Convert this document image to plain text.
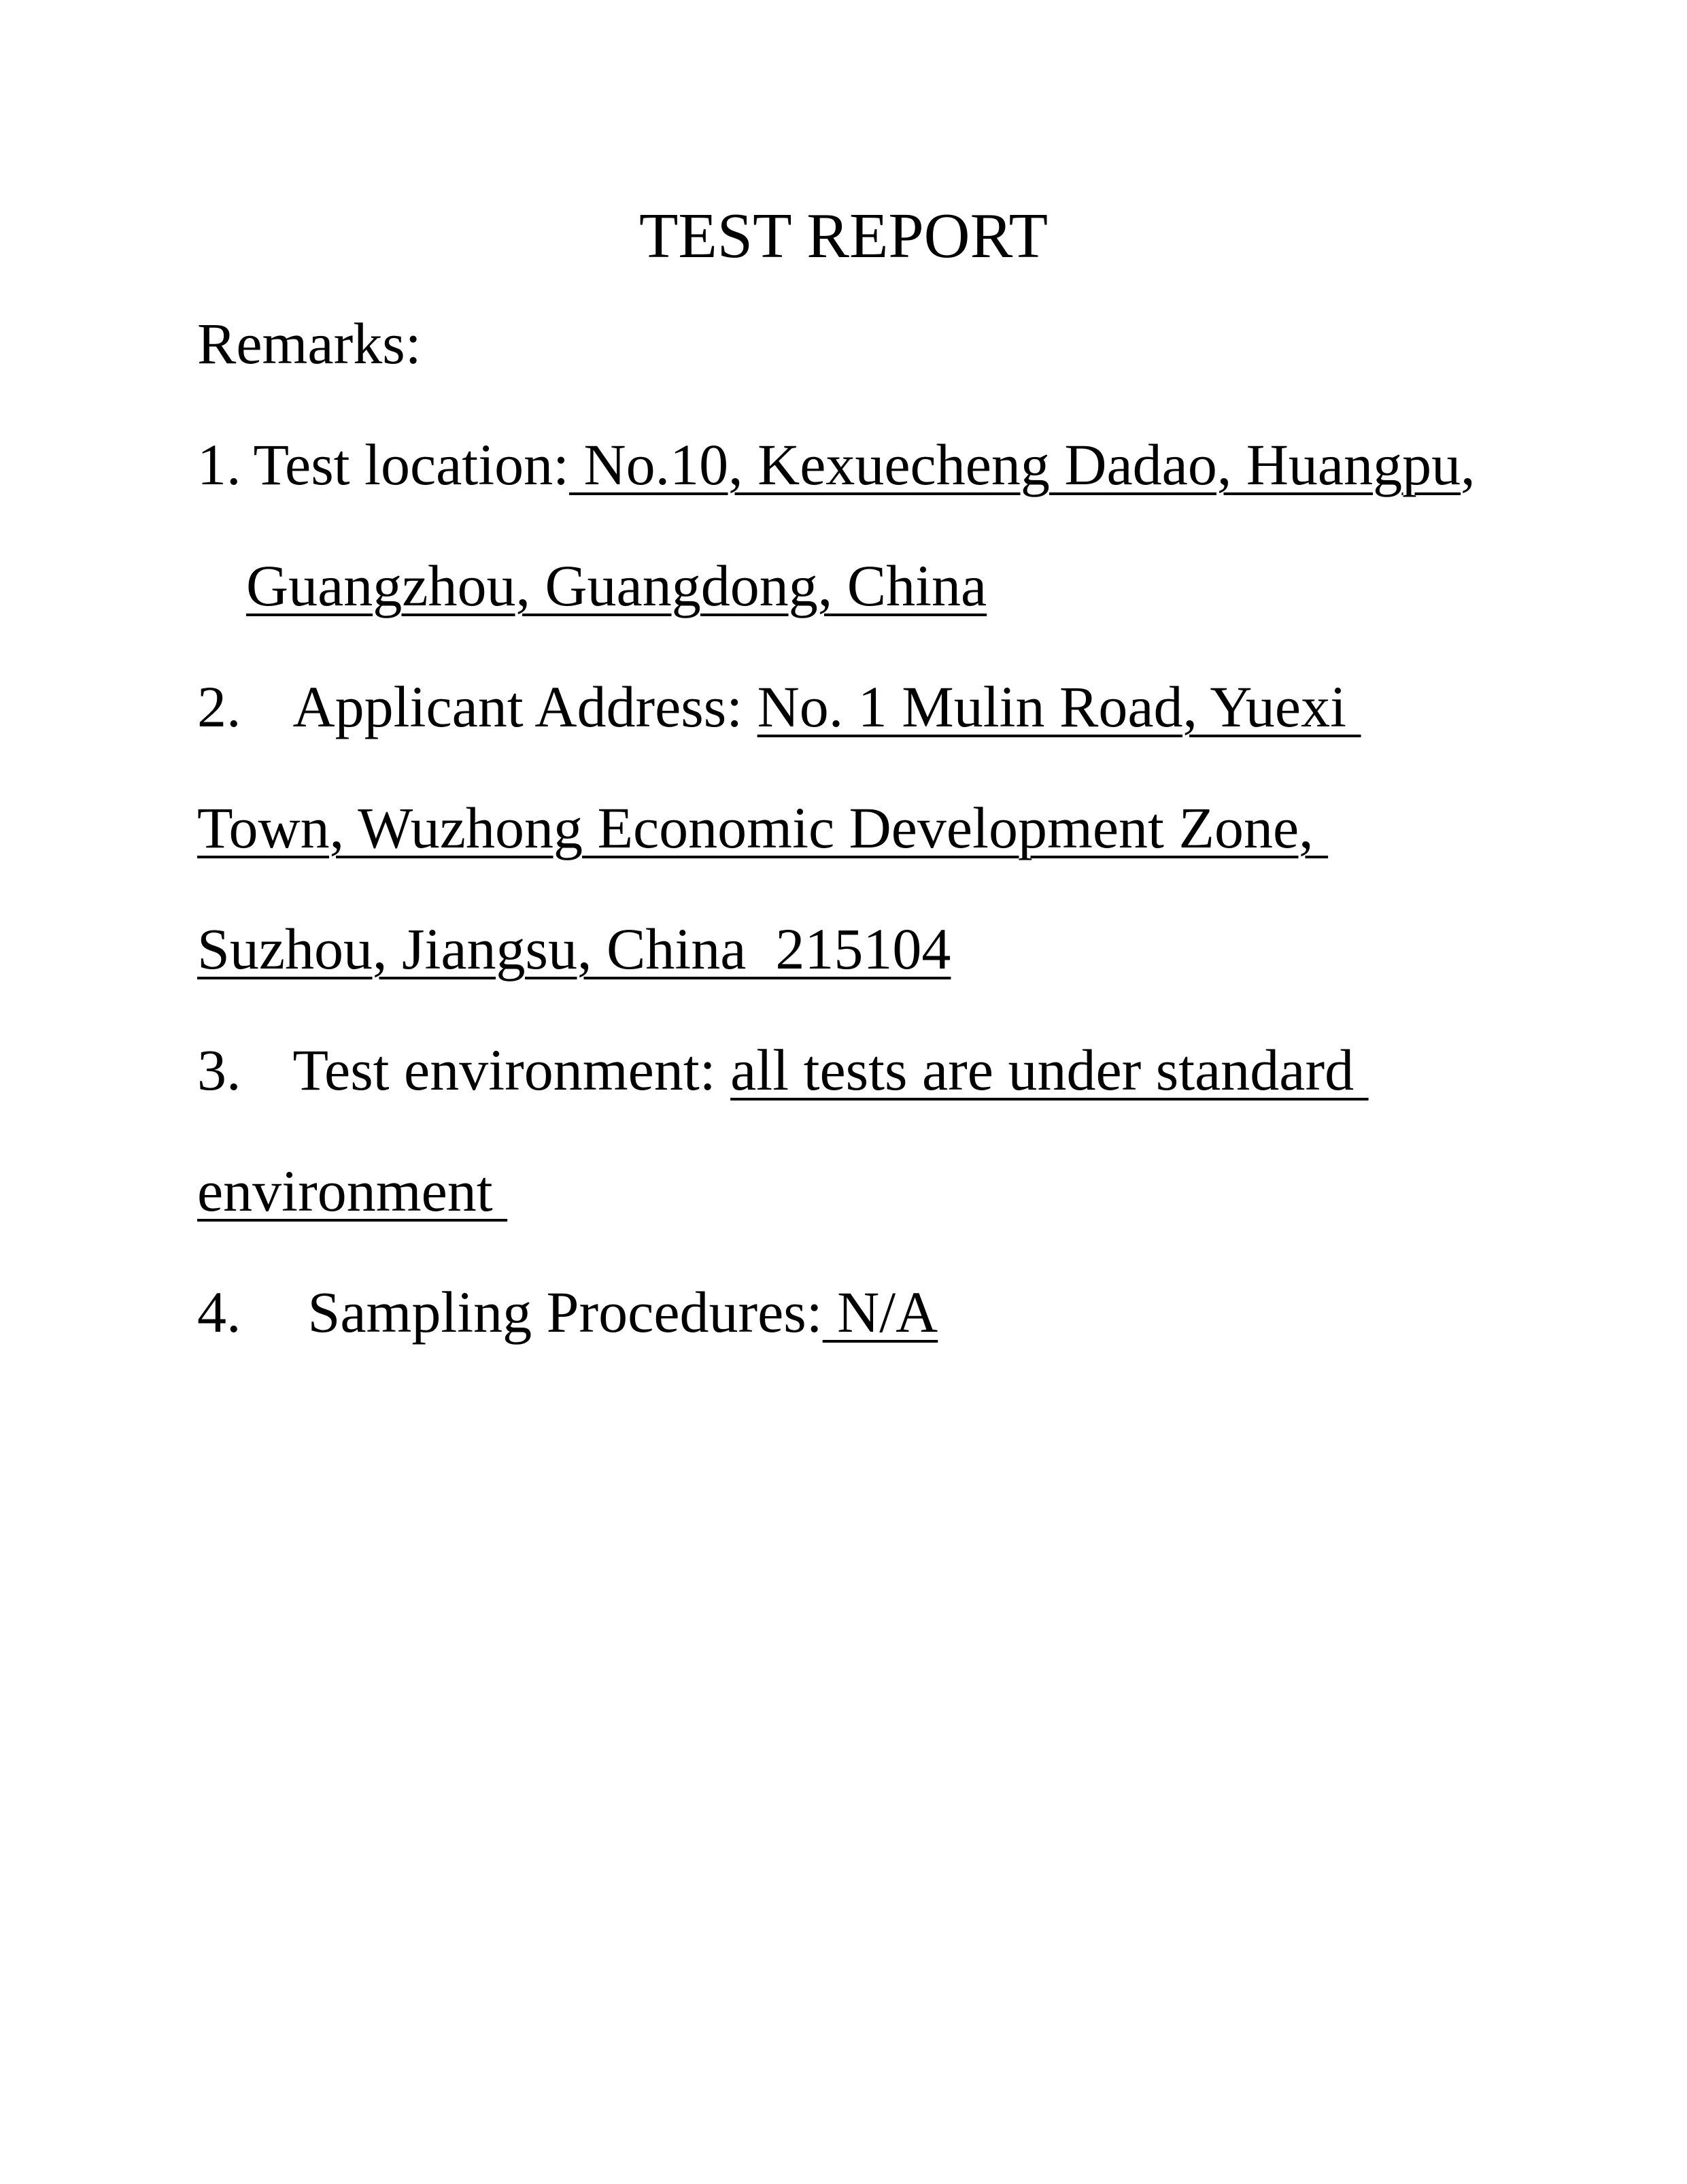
TEST REPORT
Remarks:
1. Test location: No.10, Kexuecheng Dadao, Huangpu,
Guangzhou, Guangdong, China
2. Applicant Address: No. 1 Mulin Road, Yuexi
Town, Wuzhong Economic Development Zone,
Suzhou, Jiangsu, China  215104
3. Test environment: all tests are under standard
environment
4. Sampling Procedures: N/A
